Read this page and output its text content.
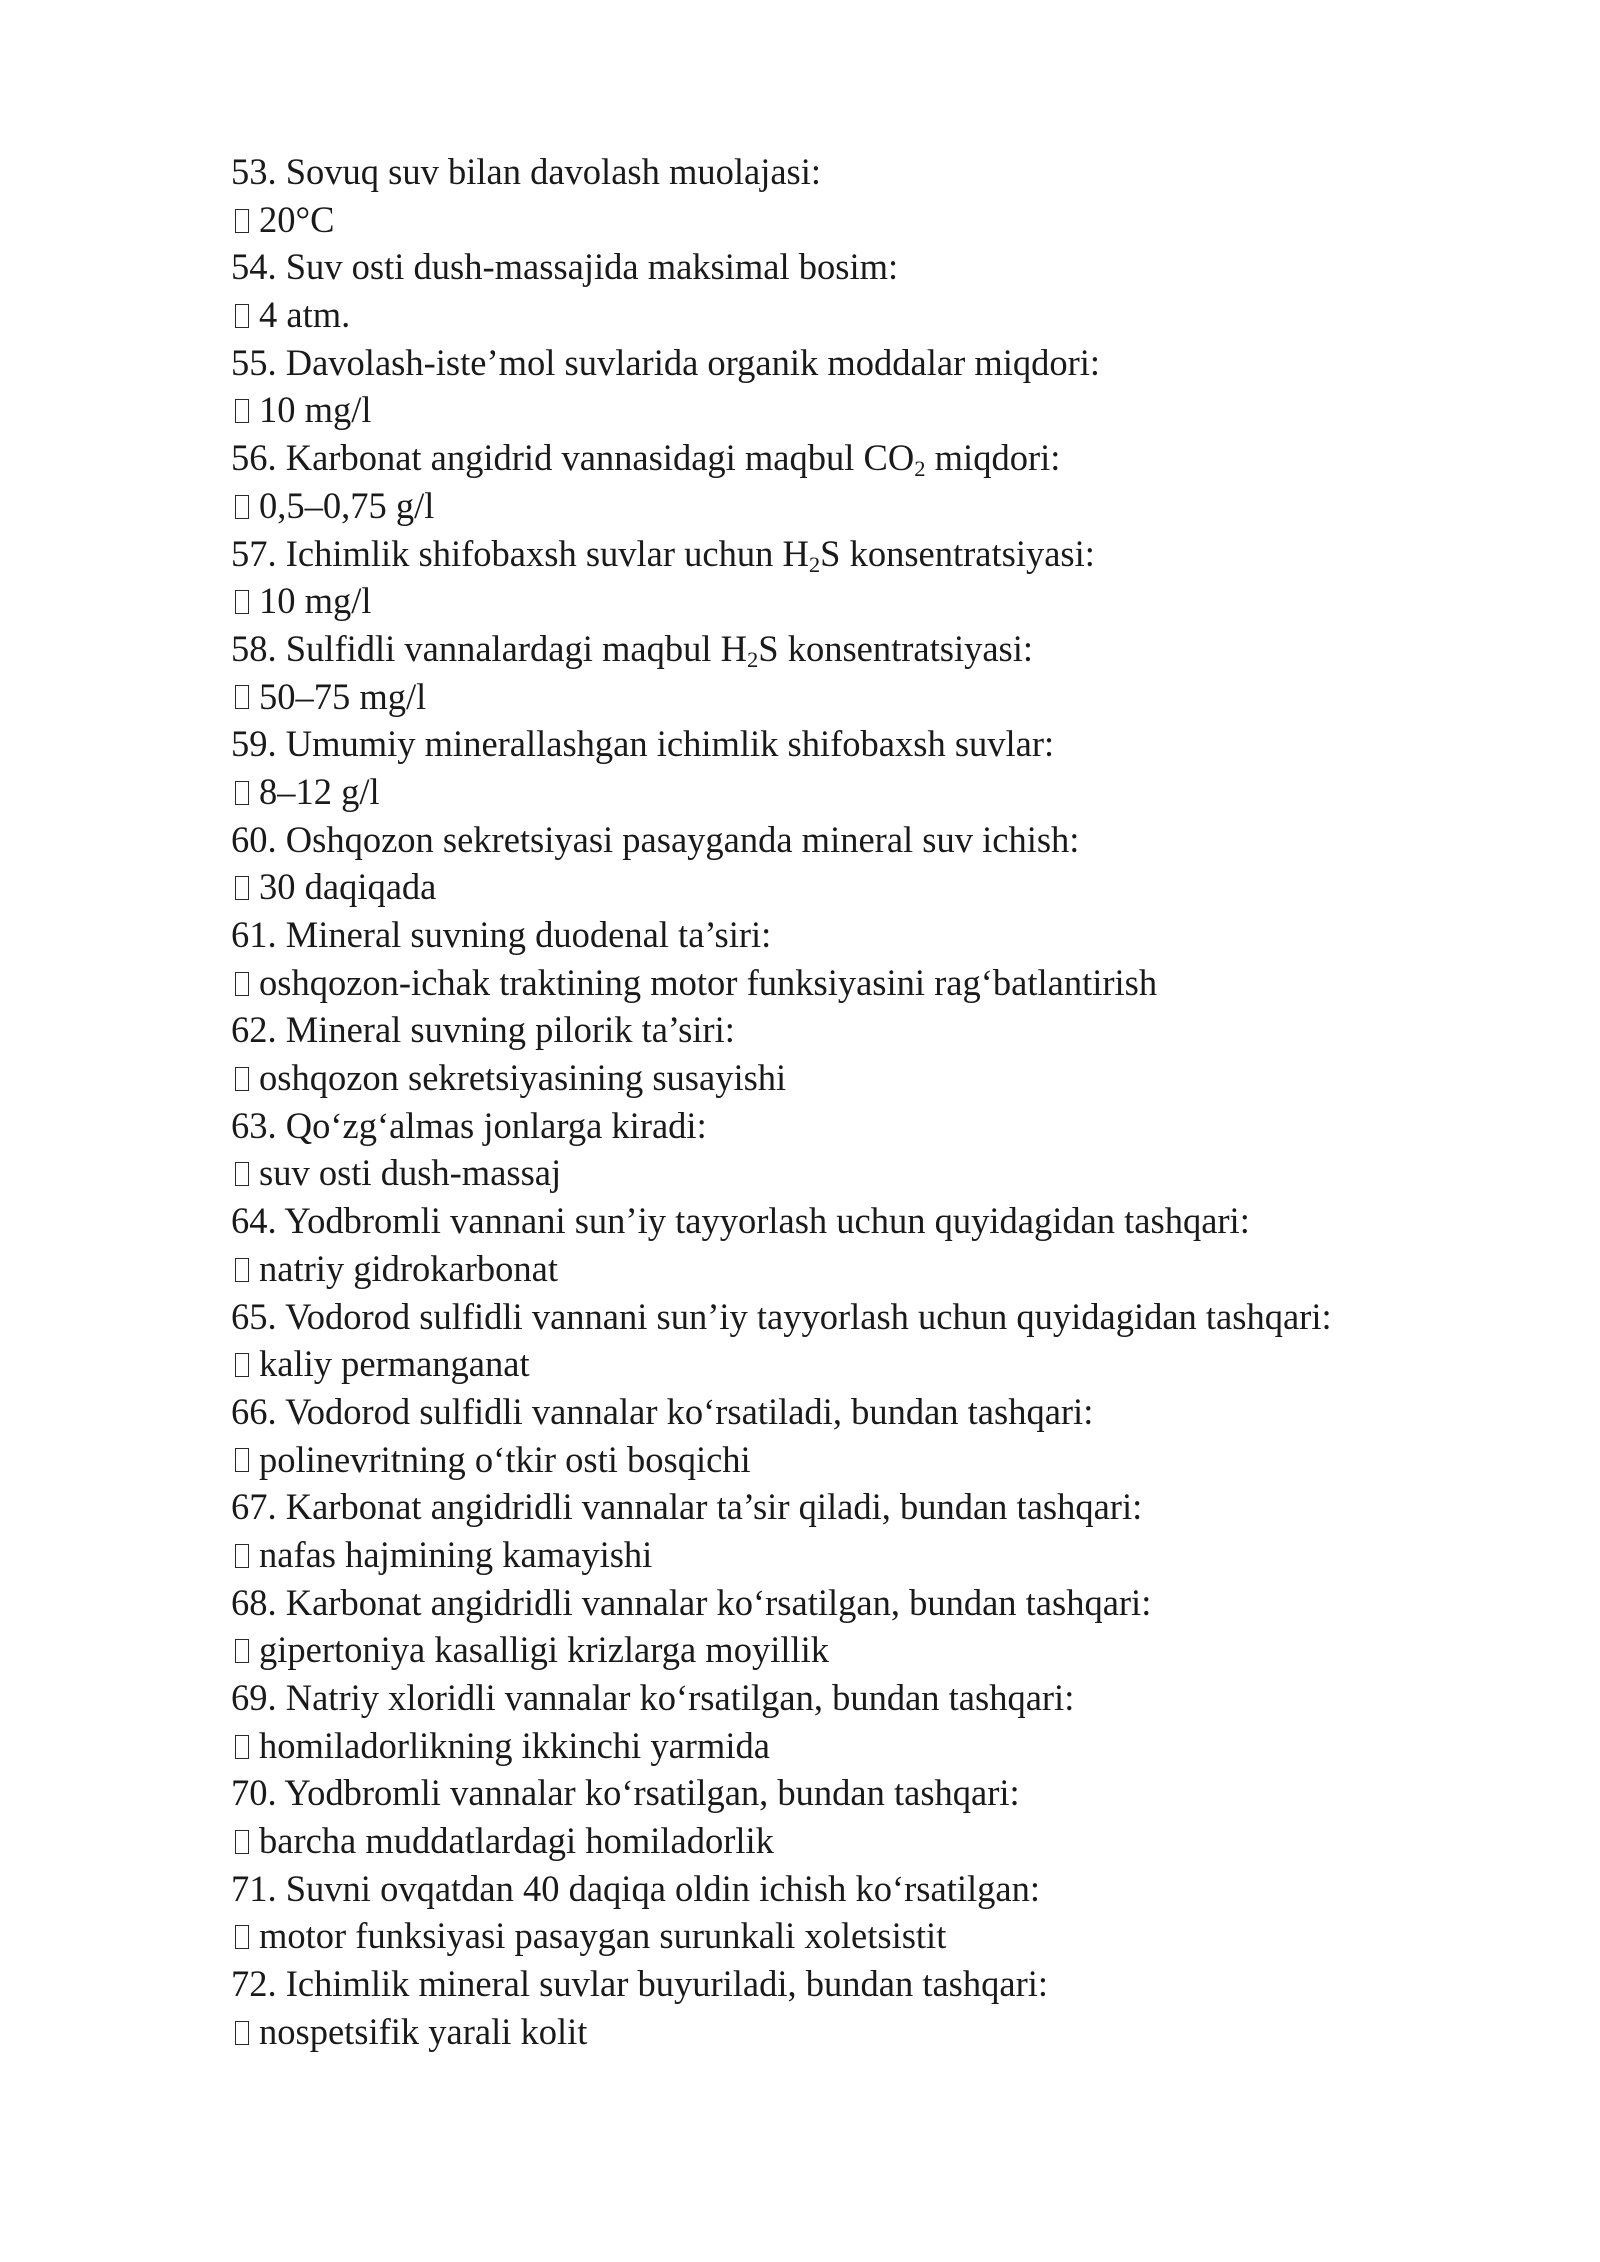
53. Sovuq suv bilan davolash muolajasi:
20°C
54. Suv osti dush-massajida maksimal bosim:
4 atm.
55. Davolash-iste’mol suvlarida organik moddalar miqdori:
10 mg/l
56. Karbonat angidrid vannasidagi maqbul $CO_2$ miqdori:
0,5–0,75 g/l
57. Ichimlik shifobaxsh suvlar uchun $H_2S$ konsentratsiyasi:
10 mg/l
58. Sulfidli vannalardagi maqbul $H_2S$ konsentratsiyasi:
50–75 mg/l
59. Umumiy minerallashgan ichimlik shifobaxsh suvlar:
8–12 g/l
60. Oshqozon sekretsiyasi pasayganda mineral suv ichish:
30 daqiqada
61. Mineral suvning duodenal ta’siri:
oshqozon-ichak traktining motor funksiyasini rag‘batlantirish
62. Mineral suvning pilorik ta’siri:
oshqozon sekretsiyasining susayishi
63. Qo‘zg‘almas jonlarga kiradi:
suv osti dush-massaj
64. Yodbromli vannani sun’iy tayyorlash uchun quyidagidan tashqari:
natriy gidrokarbonat
65. Vodorod sulfidli vannani sun’iy tayyorlash uchun quyidagidan tashqari:
kaliy permanganat
66. Vodorod sulfidli vannalar ko‘rsatiladi, bundan tashqari:
polinevritning o‘tkir osti bosqichi
67. Karbonat angidridli vannalar ta’sir qiladi, bundan tashqari:
nafas hajmining kamayishi
68. Karbonat angidridli vannalar ko‘rsatilgan, bundan tashqari:
gipertoniya kasalligi krizlarga moyillik
69. Natriy xloridli vannalar ko‘rsatilgan, bundan tashqari:
homiladorlikning ikkinchi yarmida
70. Yodbromli vannalar ko‘rsatilgan, bundan tashqari:
barcha muddatlardagi homiladorlik
71. Suvni ovqatdan 40 daqiqa oldin ichish ko‘rsatilgan:
motor funksiyasi pasaygan surunkali xoletsistit
72. Ichimlik mineral suvlar buyuriladi, bundan tashqari:
nospetsifik yarali kolit
